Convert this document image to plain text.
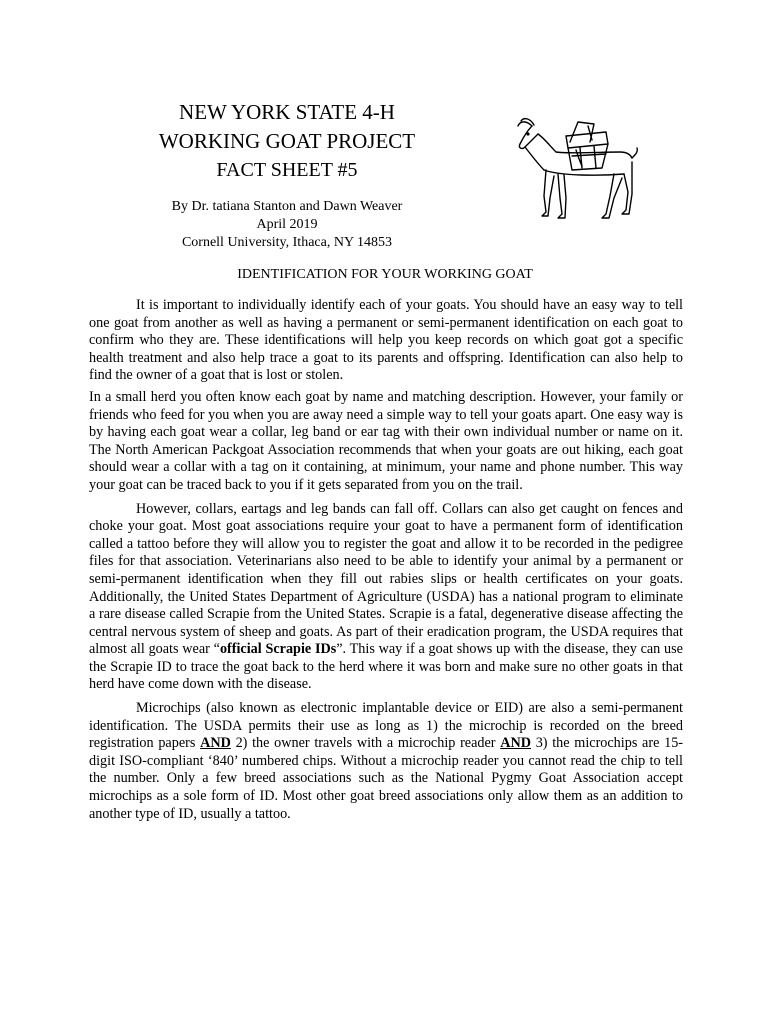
NEW YORK STATE 4-H
WORKING GOAT PROJECT
FACT SHEET #5
By Dr. tatiana Stanton and Dawn Weaver
April 2019
Cornell University, Ithaca, NY 14853
IDENTIFICATION FOR YOUR WORKING GOAT

It is important to individually identify each of your goats. You should have an easy way to tell one goat from another as well as having a permanent or semi-permanent identification on each goat to confirm who they are. These identifications will help you keep records on which goat got a specific health treatment and also help trace a goat to its parents and offspring. Identification can also help to find the owner of a goat that is lost or stolen.

In a small herd you often know each goat by name and matching description. However, your family or friends who feed for you when you are away need a simple way to tell your goats apart. One easy way is by having each goat wear a collar, leg band or ear tag with their own individual number or name on it. The North American Packgoat Association recommends that when your goats are out hiking, each goat should wear a collar with a tag on it containing, at minimum, your name and phone number. This way your goat can be traced back to you if it gets separated from you on the trail.

However, collars, eartags and leg bands can fall off. Collars can also get caught on fences and choke your goat. Most goat associations require your goat to have a permanent form of identification called a tattoo before they will allow you to register the goat and allow it to be recorded in the pedigree files for that association. Veterinarians also need to be able to identify your animal by a permanent or semi-permanent identification when they fill out rabies slips or health certificates on your goats. Additionally, the United States Department of Agriculture (USDA) has a national program to eliminate a rare disease called Scrapie from the United States. Scrapie is a fatal, degenerative disease affecting the central nervous system of sheep and goats. As part of their eradication program, the USDA requires that almost all goats wear “official Scrapie IDs”. This way if a goat shows up with the disease, they can use the Scrapie ID to trace the goat back to the herd where it was born and make sure no other goats in that herd have come down with the disease.

Microchips (also known as electronic implantable device or EID) are also a semi-permanent identification. The USDA permits their use as long as 1) the microchip is recorded on the breed registration papers AND 2) the owner travels with a microchip reader AND 3) the microchips are 15-digit ISO-compliant ‘840’ numbered chips. Without a microchip reader you cannot read the chip to tell the number. Only a few breed associations such as the National Pygmy Goat Association accept microchips as a sole form of ID. Most other goat breed associations only allow them as an addition to another type of ID, usually a tattoo.
